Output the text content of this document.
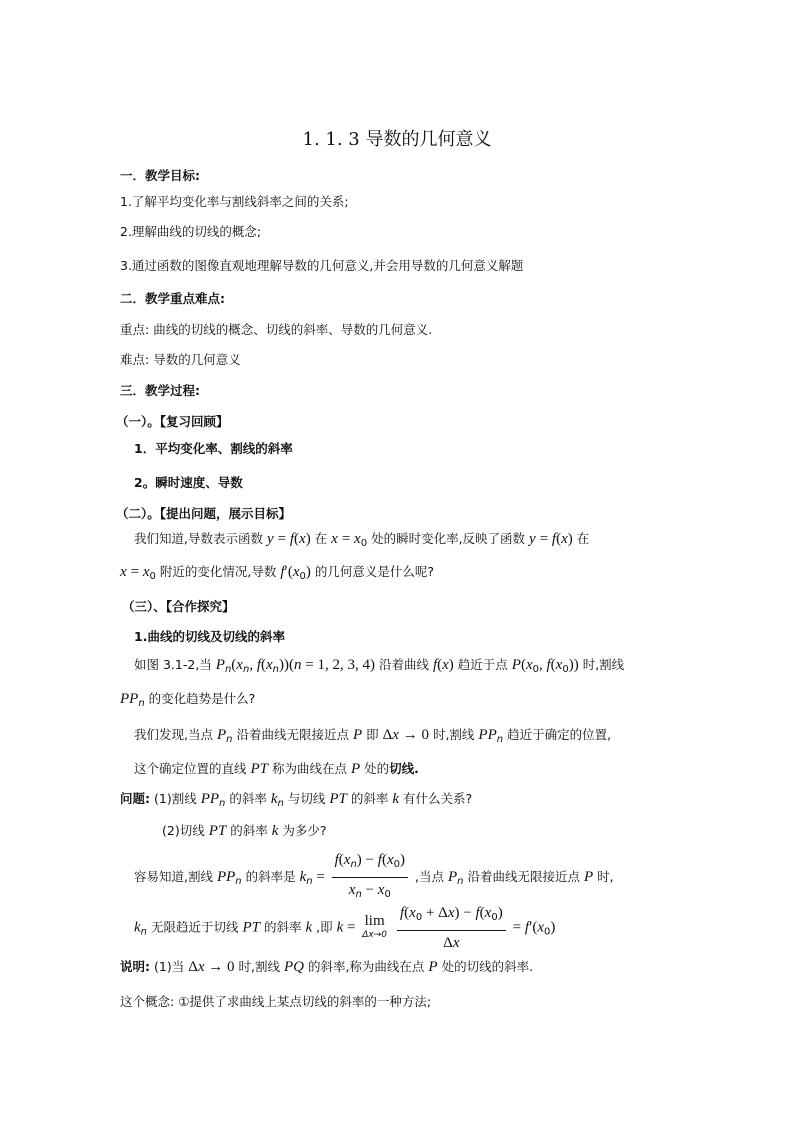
1. 1. 3 导数的几何意义
一．教学目标:
1.了解平均变化率与割线斜率之间的关系;
2.理解曲线的切线的概念;
3.通过函数的图像直观地理解导数的几何意义,并会用导数的几何意义解题
二．教学重点难点:
重点: 曲线的切线的概念、切线的斜率、导数的几何意义.
难点: 导数的几何意义
三．教学过程:
（一）。【复习回顾】
1．平均变化率、割线的斜率
2。瞬时速度、导数
（二）。【提出问题，展示目标】
我们知道,导数表示函数 y = f(x) 在 $x = x_0$ 处的瞬时变化率,反映了函数 y = f(x) 在
$x = x_0$ 附近的变化情况,导数 $f'(x_0)$ 的几何意义是什么呢?
（三）、【合作探究】
1.曲线的切线及切线的斜率
如图 3.1-2,当 $P_n(x_n$, $f(x_n))(n = 1$, 2, 3, 4) 沿着曲线 f(x) 趋近于点 $P(x_0$, $f(x_0)$) 时,割线
$PP_n$ 的变化趋势是什么?
我们发现,当点 $P_n$ 沿着曲线无限接近点 P 即 Δx → 0 时,割线 $PP_n$ 趋近于确定的位置,
这个确定位置的直线 PT 称为曲线在点 P 处的切线.
问题: (1)割线 $PP_n$ 的斜率 $k_n$ 与切线 PT 的斜率 k 有什么关系?
(2)切线 PT 的斜率 k 为多少?
容易知道,割线 $PP_n$ 的斜率是 $k_n = \frac{f(x_n) - f(x_0)}{x_n - x_0}$ ,当点 $P_n$ 沿着曲线无限接近点 P 时,
$k_n$ 无限趋近于切线 PT 的斜率 k ,即 k = lim
Δx→0
$\frac{f(x_0 + \Delta x) - f(x_0)}{\Delta x} = f'(x_0)$
说明: (1)当 Δx → 0 时,割线 PQ 的斜率,称为曲线在点 P 处的切线的斜率.
这个概念: ①提供了求曲线上某点切线的斜率的一种方法;
